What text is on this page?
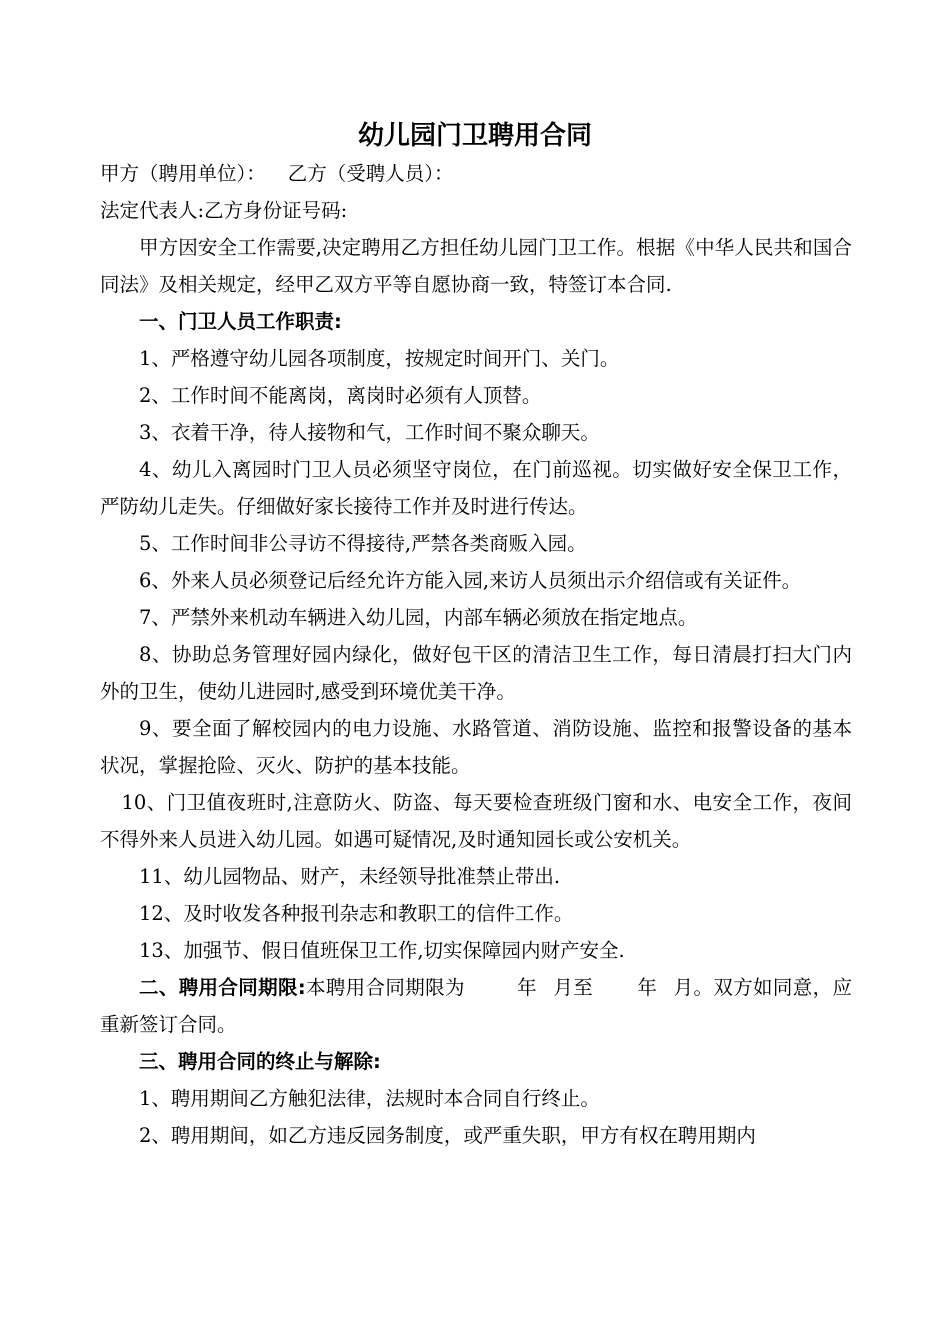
幼儿园门卫聘用合同

甲方（聘用单位）： 乙方（受聘人员）：

法定代表人:乙方身份证号码:

甲方因安全工作需要,决定聘用乙方担任幼儿园门卫工作。根据《中华人民共和国合同法》及相关规定，经甲乙双方平等自愿协商一致，特签订本合同.

一、门卫人员工作职责:

1、严格遵守幼儿园各项制度，按规定时间开门、关门。

2、工作时间不能离岗，离岗时必须有人顶替。

3、衣着干净，待人接物和气，工作时间不聚众聊天。

4、幼儿入离园时门卫人员必须坚守岗位，在门前巡视。切实做好安全保卫工作，严防幼儿走失。仔细做好家长接待工作并及时进行传达。

5、工作时间非公寻访不得接待,严禁各类商贩入园。

6、外来人员必须登记后经允许方能入园,来访人员须出示介绍信或有关证件。

7、严禁外来机动车辆进入幼儿园，内部车辆必须放在指定地点。

8、协助总务管理好园内绿化，做好包干区的清洁卫生工作，每日清晨打扫大门内外的卫生，使幼儿进园时,感受到环境优美干净。

9、要全面了解校园内的电力设施、水路管道、消防设施、监控和报警设备的基本状况，掌握抢险、灭火、防护的基本技能。

10、门卫值夜班时,注意防火、防盗、每天要检查班级门窗和水、电安全工作，夜间不得外来人员进入幼儿园。如遇可疑情况,及时通知园长或公安机关。

11、幼儿园物品、财产，未经领导批准禁止带出.

12、及时收发各种报刊杂志和教职工的信件工作。

13、加强节、假日值班保卫工作,切实保障园内财产安全.

二、聘用合同期限:本聘用合同期限为	年 月至 年 月。双方如同意，应重新签订合同。

三、聘用合同的终止与解除:

1、聘用期间乙方触犯法律，法规时本合同自行终止。

2、聘用期间，如乙方违反园务制度，或严重失职，甲方有权在聘用期内
